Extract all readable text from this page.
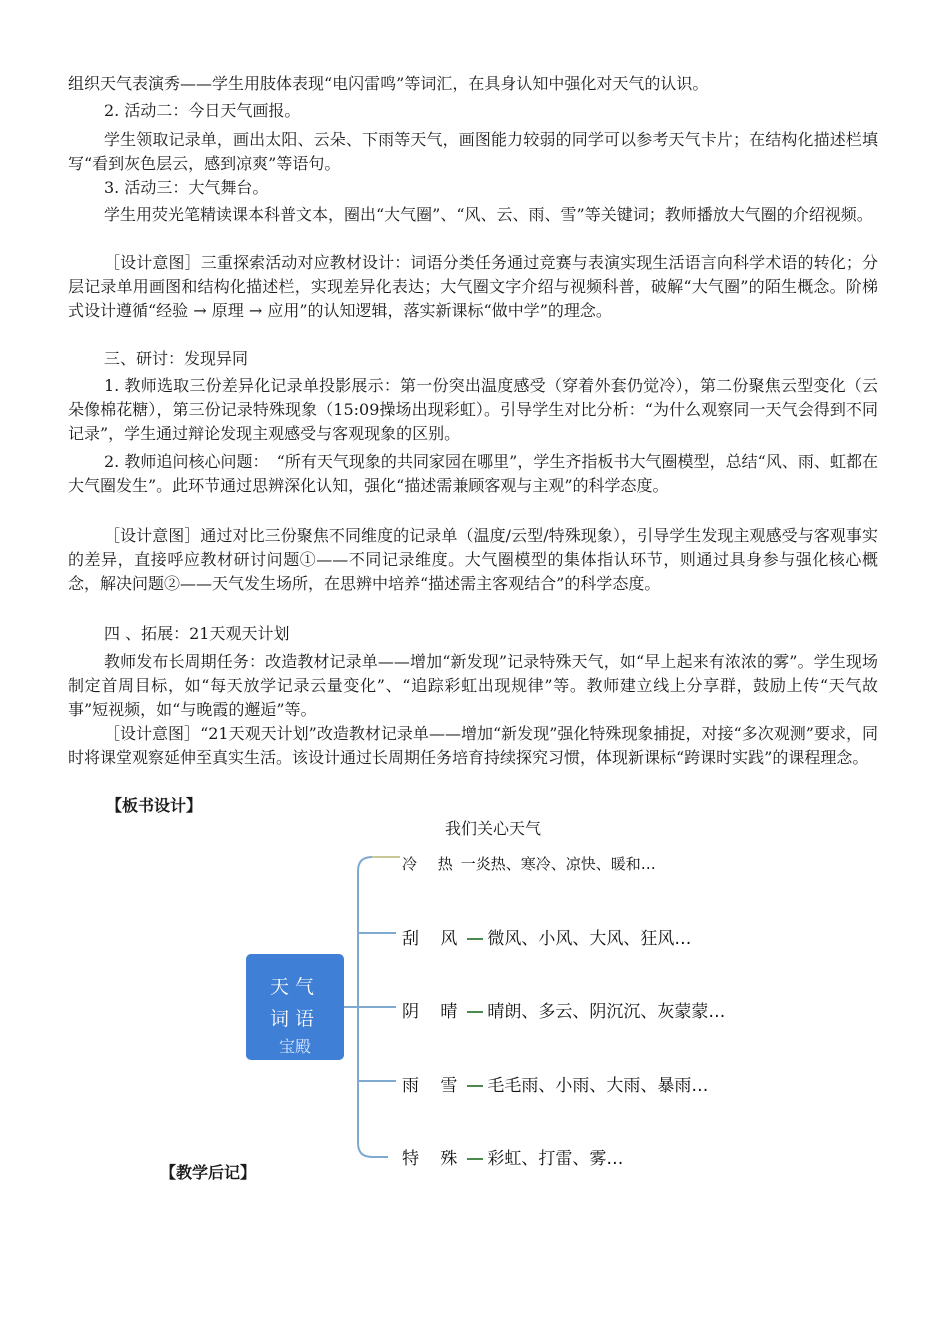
组织天气表演秀——学生用肢体表现“电闪雷鸣”等词汇，在具身认知中强化对天气的认识。

2. 活动二：今日天气画报。

学生领取记录单，画出太阳、云朵、下雨等天气，画图能力较弱的同学可以参考天气卡片；在结构化描述栏填写“看到灰色层云，感到凉爽”等语句。

3. 活动三：大气舞台。

学生用荧光笔精读课本科普文本，圈出“大气圈”、“风、云、雨、雪”等关键词；教师播放大气圈的介绍视频。

［设计意图］三重探索活动对应教材设计：词语分类任务通过竞赛与表演实现生活语言向科学术语的转化；分层记录单用画图和结构化描述栏，实现差异化表达；大气圈文字介绍与视频科普，破解“大气圈”的陌生概念。阶梯式设计遵循“经验 → 原理 → 应用”的认知逻辑，落实新课标“做中学”的理念。

三、研讨：发现异同

1. 教师选取三份差异化记录单投影展示：第一份突出温度感受（穿着外套仍觉冷），第二份聚焦云型变化（云朵像棉花糖），第三份记录特殊现象（15:09操场出现彩虹）。引导学生对比分析：“为什么观察同一天气会得到不同记录”，学生通过辩论发现主观感受与客观现象的区别。

2. 教师追问核心问题：　“所有天气现象的共同家园在哪里”，学生齐指板书大气圈模型，总结“风、雨、虹都在大气圈发生”。此环节通过思辨深化认知，强化“描述需兼顾客观与主观”的科学态度。

［设计意图］通过对比三份聚焦不同维度的记录单（温度/云型/特殊现象），引导学生发现主观感受与客观事实的差异，直接呼应教材研讨问题①——不同记录维度。大气圈模型的集体指认环节，则通过具身参与强化核心概念，解决问题②——天气发生场所，在思辨中培养“描述需主客观结合”的科学态度。

四 、拓展：21天观天计划

教师发布长周期任务：改造教材记录单——增加“新发现”记录特殊天气，如“早上起来有浓浓的雾”。学生现场制定首周目标，如“每天放学记录云量变化”、“追踪彩虹出现规律”等。教师建立线上分享群，鼓励上传“天气故事”短视频，如“与晚霞的邂逅”等。

［设计意图］“21天观天计划”改造教材记录单——增加“新发现”强化特殊现象捕捉，对接“多次观测”要求，同时将课堂观察延伸至真实生活。该设计通过长周期任务培育持续探究习惯，体现新课标“跨课时实践”的课程理念。

【板书设计】

我们关心天气
天气
词语
宝殿
冷 热一炎热、寒冷、凉快、暖和…
刮 风 微风、小风、大风、狂风…
阴 晴 晴朗、多云、阴沉沉、灰蒙蒙…
雨 雪 毛毛雨、小雨、大雨、暴雨…
特 殊 彩虹、打雷、雾…

【教学后记】
